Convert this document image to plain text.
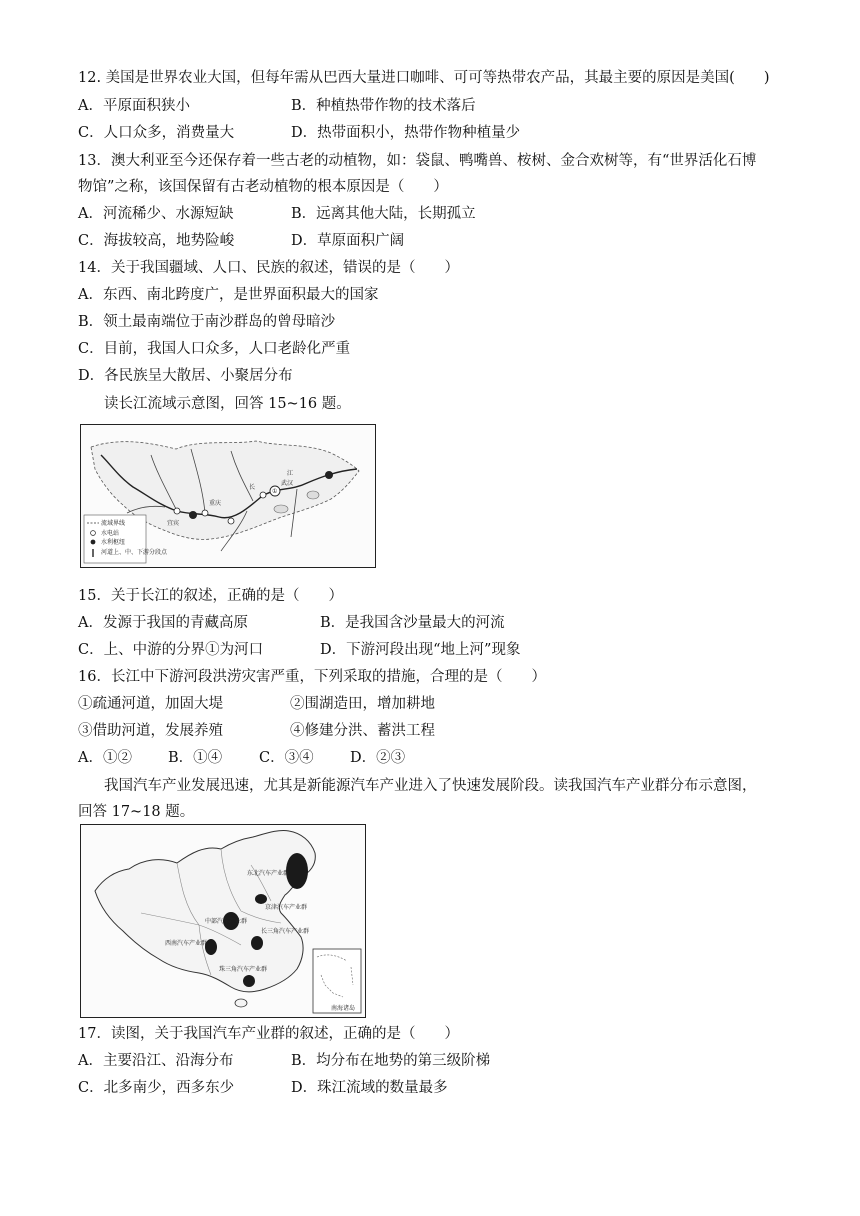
12. 美国是世界农业大国，但每年需从巴西大量进口咖啡、可可等热带农产品，其最主要的原因是美国(　　)
A．平原面积狭小	B．种植热带作物的技术落后
C．人口众多，消费量大	D．热带面积小，热带作物种植量少
13．澳大利亚至今还保存着一些古老的动植物，如：袋鼠、鸭嘴兽、桉树、金合欢树等，有“世界活化石博
物馆”之称，该国保留有古老动植物的根本原因是（　　）
A．河流稀少、水源短缺	B．远离其他大陆，长期孤立
C．海拔较高，地势险峻	D．草原面积广阔
14．关于我国疆域、人口、民族的叙述，错误的是（　　）
A．东西、南北跨度广，是世界面积最大的国家
B．领土最南端位于南沙群岛的曾母暗沙
C．目前，我国人口众多，人口老龄化严重
D．各民族呈大散居、小聚居分布
读长江流域示意图，回答 15~16 题。
①
重庆
宜宾
武汉
长
江
流域界线
水电站
水利枢纽
河道上、中、下游分段点
15．关于长江的叙述，正确的是（　　）
A．发源于我国的青藏高原	B．是我国含沙量最大的河流
C．上、中游的分界①为河口	D．下游河段出现“地上河”现象
16．长江中下游河段洪涝灾害严重，下列采取的措施，合理的是（　　）
①疏通河道，加固大堤	②围湖造田，增加耕地
③借助河道，发展养殖	④修建分洪、蓄洪工程
A．①② B．①④	C．③④	D．②③
我国汽车产业发展迅速，尤其是新能源汽车产业进入了快速发展阶段。读我国汽车产业群分布示意图，
回答 17~18 题。
东北汽车产业群
京津汽车产业群
中部汽车产业群
长三角汽车产业群
西南汽车产业群
珠三角汽车产业群
南海诸岛
17．读图，关于我国汽车产业群的叙述，正确的是（　　）
A．主要沿江、沿海分布	B．均分布在地势的第三级阶梯
C．北多南少，西多东少	D．珠江流域的数量最多
